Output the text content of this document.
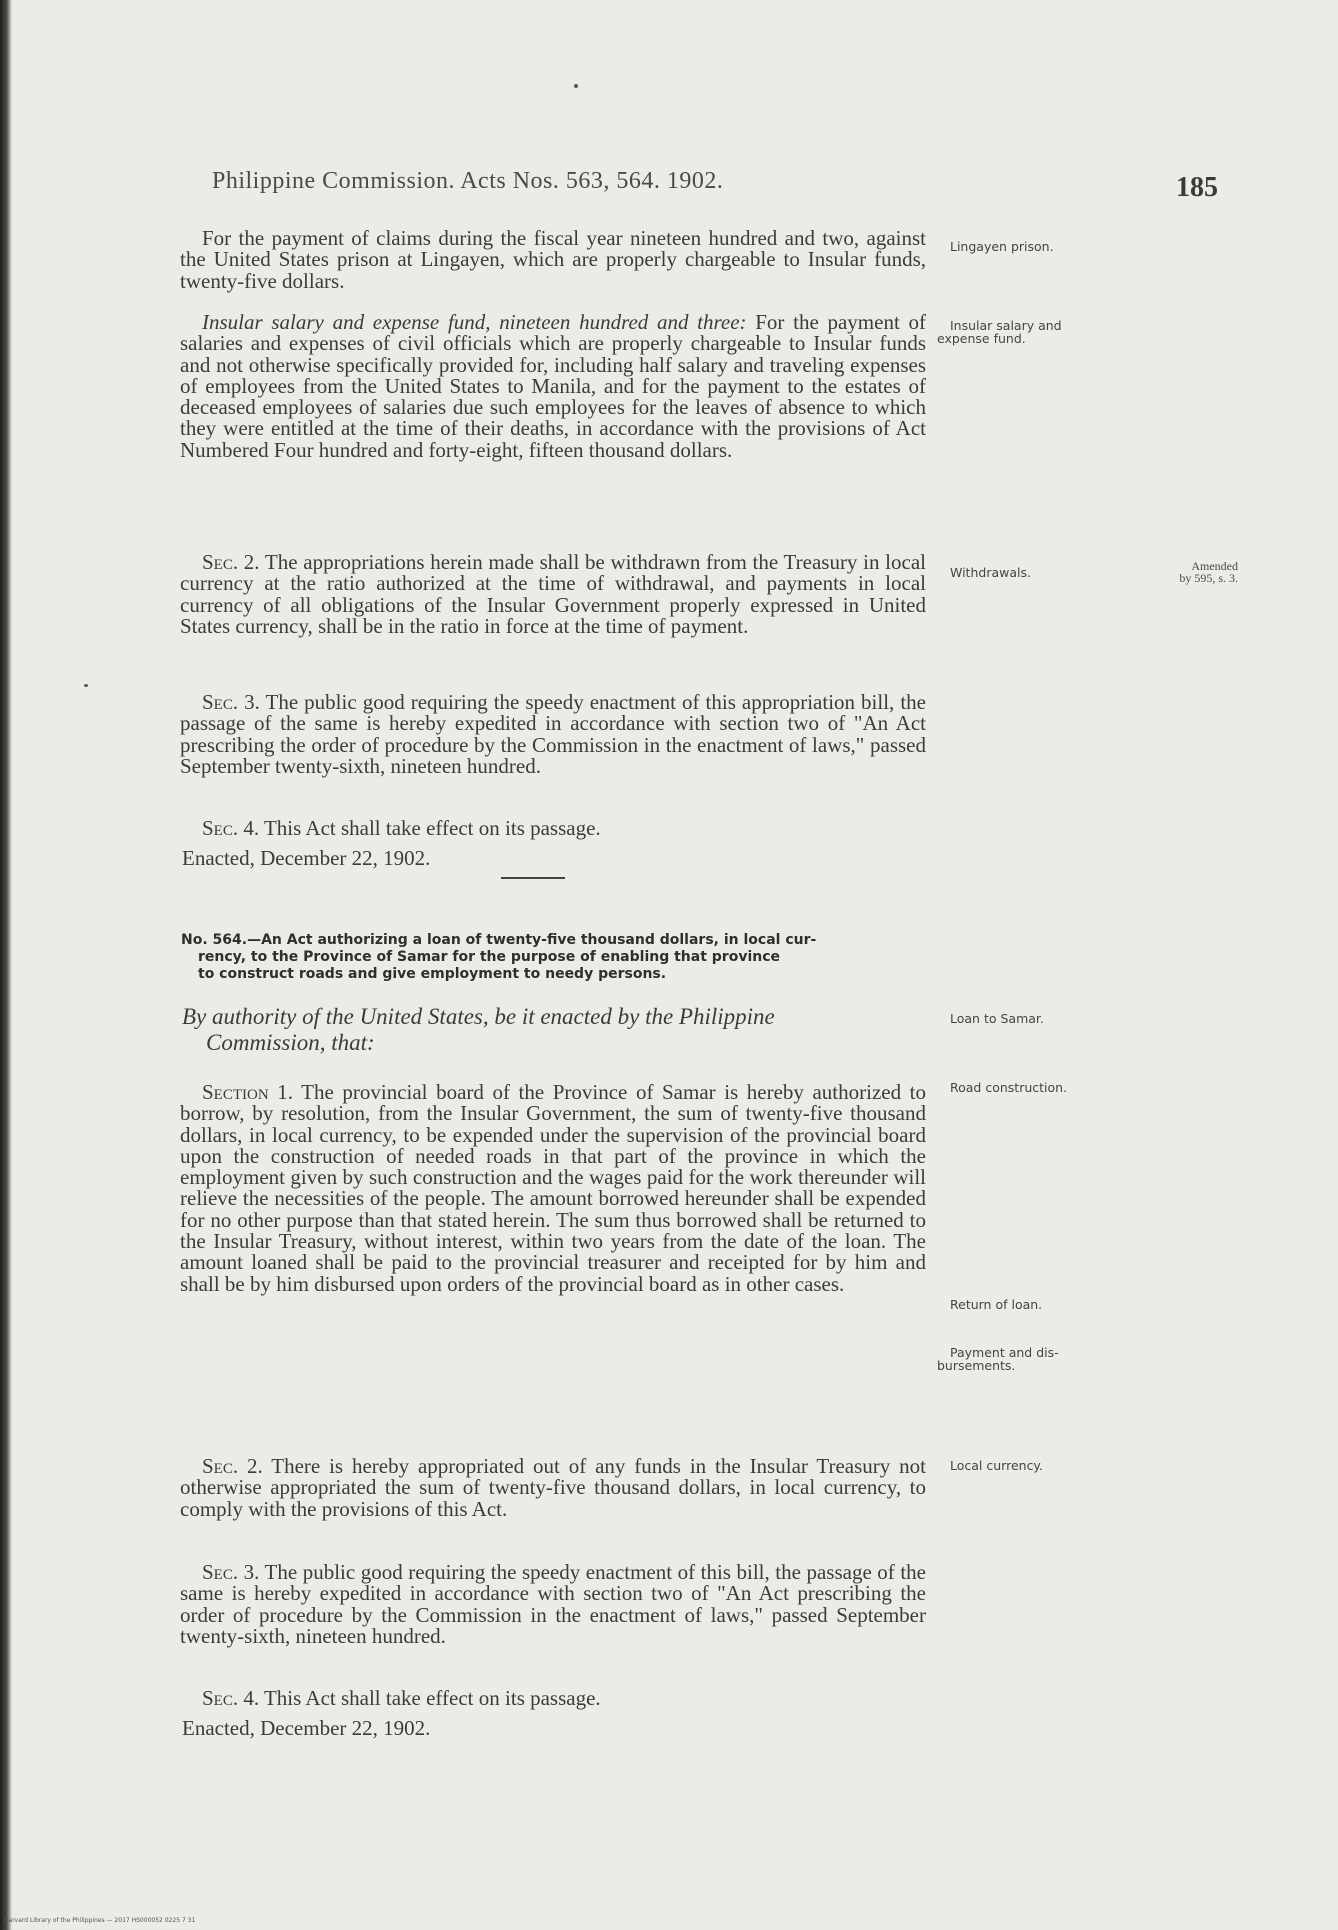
Philippine Commission. Acts Nos. 563, 564. 1902.	185

For the payment of claims during the fiscal year nineteen hundred and two, against the United States prison at Lingayen, which are properly chargeable to Insular funds, twenty-five dollars.

Insular salary and expense fund, nineteen hundred and three: For the payment of salaries and expenses of civil officials which are properly chargeable to Insular funds and not otherwise specifically provided for, including half salary and traveling expenses of employees from the United States to Manila, and for the payment to the estates of deceased employees of salaries due such employees for the leaves of absence to which they were entitled at the time of their deaths, in accordance with the provisions of Act Numbered Four hundred and forty-eight, fifteen thousand dollars.

Sec. 2. The appropriations herein made shall be withdrawn from the Treasury in local currency at the ratio authorized at the time of withdrawal, and payments in local currency of all obligations of the Insular Government properly expressed in United States currency, shall be in the ratio in force at the time of payment.

Sec. 3. The public good requiring the speedy enactment of this appropriation bill, the passage of the same is hereby expedited in accordance with section two of "An Act prescribing the order of procedure by the Commission in the enactment of laws," passed September twenty-sixth, nineteen hundred.

Sec. 4. This Act shall take effect on its passage.

Enacted, December 22, 1902.

No. 564.—An Act authorizing a loan of twenty-five thousand dollars, in local cur-
rency, to the Province of Samar for the purpose of enabling that province
to construct roads and give employment to needy persons.

By authority of the United States, be it enacted by the Philippine
Commission, that:

Section 1. The provincial board of the Province of Samar is hereby authorized to borrow, by resolution, from the Insular Government, the sum of twenty-five thousand dollars, in local currency, to be expended under the supervision of the provincial board upon the construction of needed roads in that part of the province in which the employment given by such construction and the wages paid for the work thereunder will relieve the necessities of the people. The amount borrowed hereunder shall be expended for no other purpose than that stated herein. The sum thus borrowed shall be returned to the Insular Treasury, without interest, within two years from the date of the loan. The amount loaned shall be paid to the provincial treasurer and receipted for by him and shall be by him disbursed upon orders of the provincial board as in other cases.

Sec. 2. There is hereby appropriated out of any funds in the Insular Treasury not otherwise appropriated the sum of twenty-five thousand dollars, in local currency, to comply with the provisions of this Act.

Sec. 3. The public good requiring the speedy enactment of this bill, the passage of the same is hereby expedited in accordance with section two of "An Act prescribing the order of procedure by the Commission in the enactment of laws," passed September twenty-sixth, nineteen hundred.

Sec. 4. This Act shall take effect on its passage.

Enacted, December 22, 1902.

Lingayen prison.

Insular salary and
expense fund.

Withdrawals.	Amended
by 595, s. 3.

Loan to Samar.

Road construction.

Return of loan.

Payment and dis-
bursements.

Local currency.

Harvard Library of the Philippines — 2017 HS000052 0225 7 31
